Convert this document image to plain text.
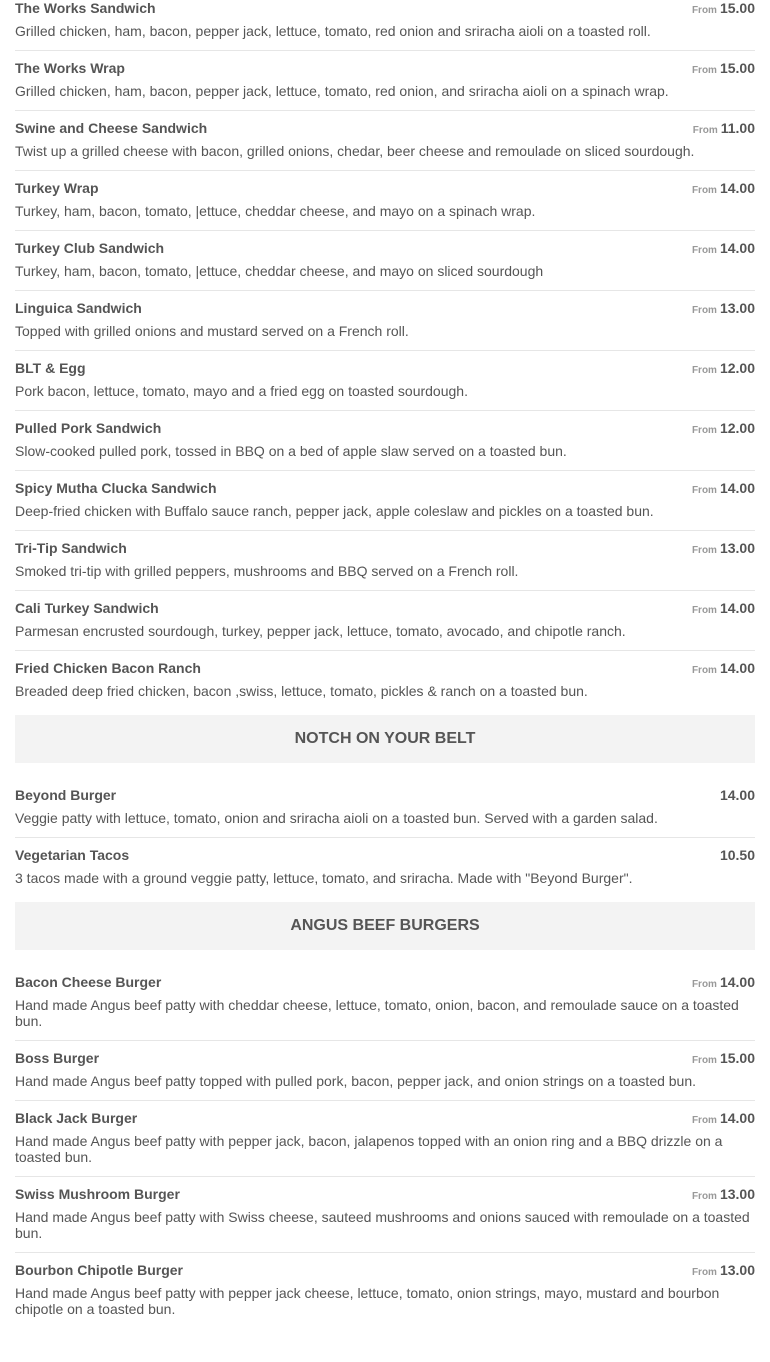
The Works Sandwich	From 15.00
Grilled chicken, ham, bacon, pepper jack, lettuce, tomato, red onion and sriracha aioli on a toasted roll.
The Works Wrap	From 15.00
Grilled chicken, ham, bacon, pepper jack, lettuce, tomato, red onion, and sriracha aioli on a spinach wrap.
Swine and Cheese Sandwich	From 11.00
Twist up a grilled cheese with bacon, grilled onions, chedar, beer cheese and remoulade on sliced sourdough.
Turkey Wrap	From 14.00
Turkey, ham, bacon, tomato, |ettuce, cheddar cheese, and mayo on a spinach wrap.
Turkey Club Sandwich	From 14.00
Turkey, ham, bacon, tomato, |ettuce, cheddar cheese, and mayo on sliced sourdough
Linguica Sandwich	From 13.00
Topped with grilled onions and mustard served on a French roll.
BLT & Egg	From 12.00
Pork bacon, lettuce, tomato, mayo and a fried egg on toasted sourdough.
Pulled Pork Sandwich	From 12.00
Slow-cooked pulled pork, tossed in BBQ on a bed of apple slaw served on a toasted bun.
Spicy Mutha Clucka Sandwich	From 14.00
Deep-fried chicken with Buffalo sauce ranch, pepper jack, apple coleslaw and pickles on a toasted bun.
Tri-Tip Sandwich	From 13.00
Smoked tri-tip with grilled peppers, mushrooms and BBQ served on a French roll.
Cali Turkey Sandwich	From 14.00
Parmesan encrusted sourdough, turkey, pepper jack, lettuce, tomato, avocado, and chipotle ranch.
Fried Chicken Bacon Ranch	From 14.00
Breaded deep fried chicken, bacon ,swiss, lettuce, tomato, pickles & ranch on a toasted bun.
NOTCH ON YOUR BELT
Beyond Burger	14.00
Veggie patty with lettuce, tomato, onion and sriracha aioli on a toasted bun. Served with a garden salad.
Vegetarian Tacos	10.50
3 tacos made with a ground veggie patty, lettuce, tomato, and sriracha. Made with "Beyond Burger".
ANGUS BEEF BURGERS
Bacon Cheese Burger	From 14.00
Hand made Angus beef patty with cheddar cheese, lettuce, tomato, onion, bacon, and remoulade sauce on a toasted bun.
Boss Burger	From 15.00
Hand made Angus beef patty topped with pulled pork, bacon, pepper jack, and onion strings on a toasted bun.
Black Jack Burger	From 14.00
Hand made Angus beef patty with pepper jack, bacon, jalapenos topped with an onion ring and a BBQ drizzle on a toasted bun.
Swiss Mushroom Burger	From 13.00
Hand made Angus beef patty with Swiss cheese, sauteed mushrooms and onions sauced with remoulade on a toasted bun.
Bourbon Chipotle Burger	From 13.00
Hand made Angus beef patty with pepper jack cheese, lettuce, tomato, onion strings, mayo, mustard and bourbon chipotle on a toasted bun.
